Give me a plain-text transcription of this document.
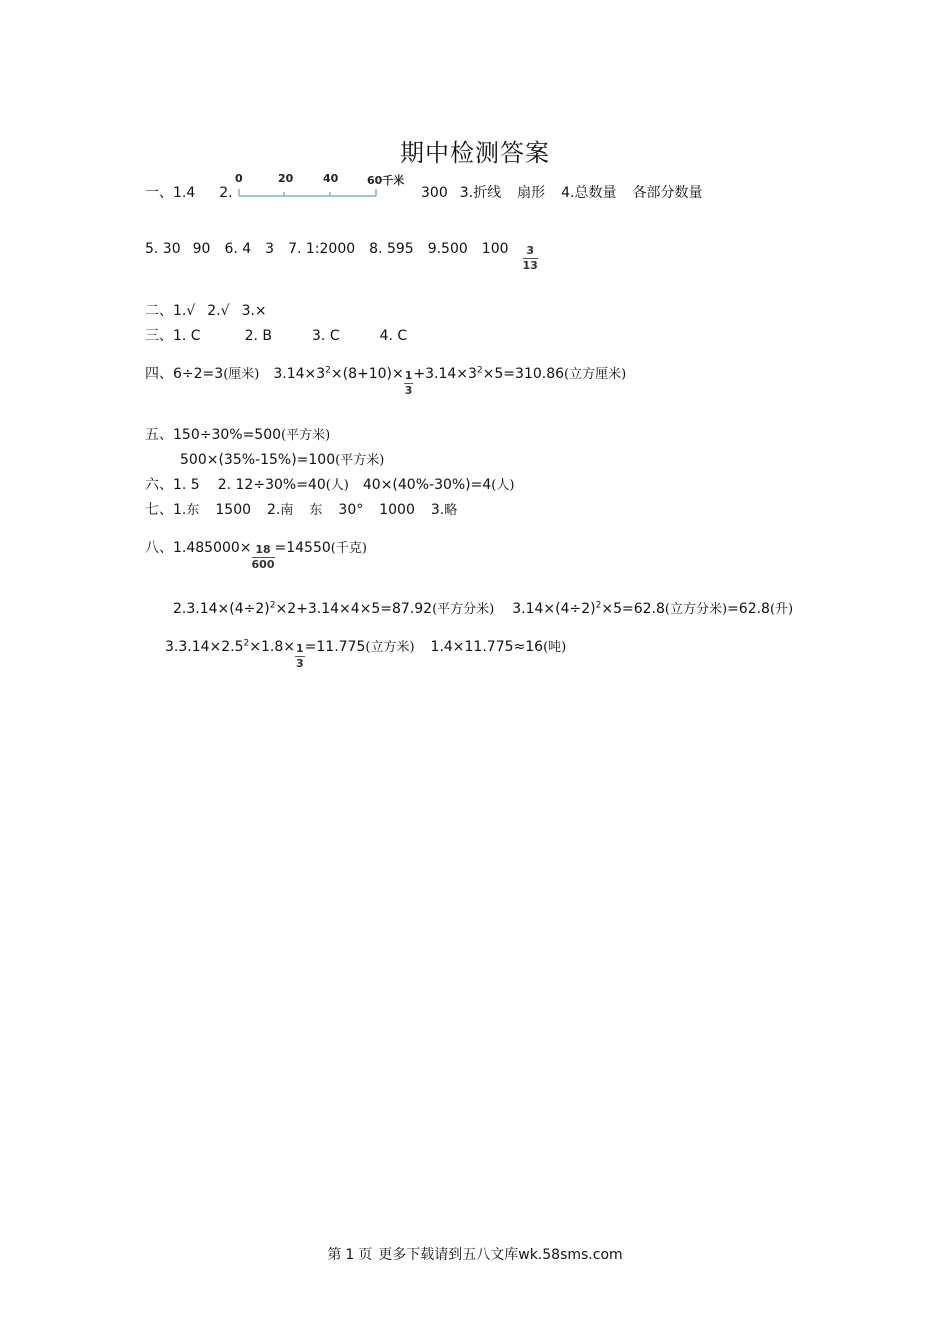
期中检测答案
一、1.4 2.
0	20	40	60千米
300 3.折线 扇形 4.总数量 各部分数量
5. 30 90 6. 4 3 7. 1:2000 8. 595 9.500 $100 \frac{3}{13}$
二、1.√ 2.√ 3.×
三、1. C	2. B	3. C	4. C
四、6÷2=3(厘米) $3.14\times 3^2\times(8+10)\times \frac{1}{3} +3.14\times 3^2\times 5=310.86$(立方厘米)
五、150÷30%=500(平方米)
500×(35%-15%)=100(平方米)
六、1. 5 2. 12÷30%=40(人) 40×(40%-30%)=4(人)
七、1.东 1500 2.南 东 30° 1000 3.略
八、$1.485000\times \frac{18}{600} =14550$(千克)
$2.3.14\times(4\div 2)^2\times 2+3.14\times 4\times 5=87.92$(平方分米) $3.14\times(4\div 2)^2\times 5=62.8$(立方分米)=62.8(升)
$3.3.14\times 2.5^2\times 1.8\times \frac{1}{3} =11.775$(立方米) 1.4×11.775≈16(吨)
第 1 页 更多下载请到五八文库wk.58sms.com
